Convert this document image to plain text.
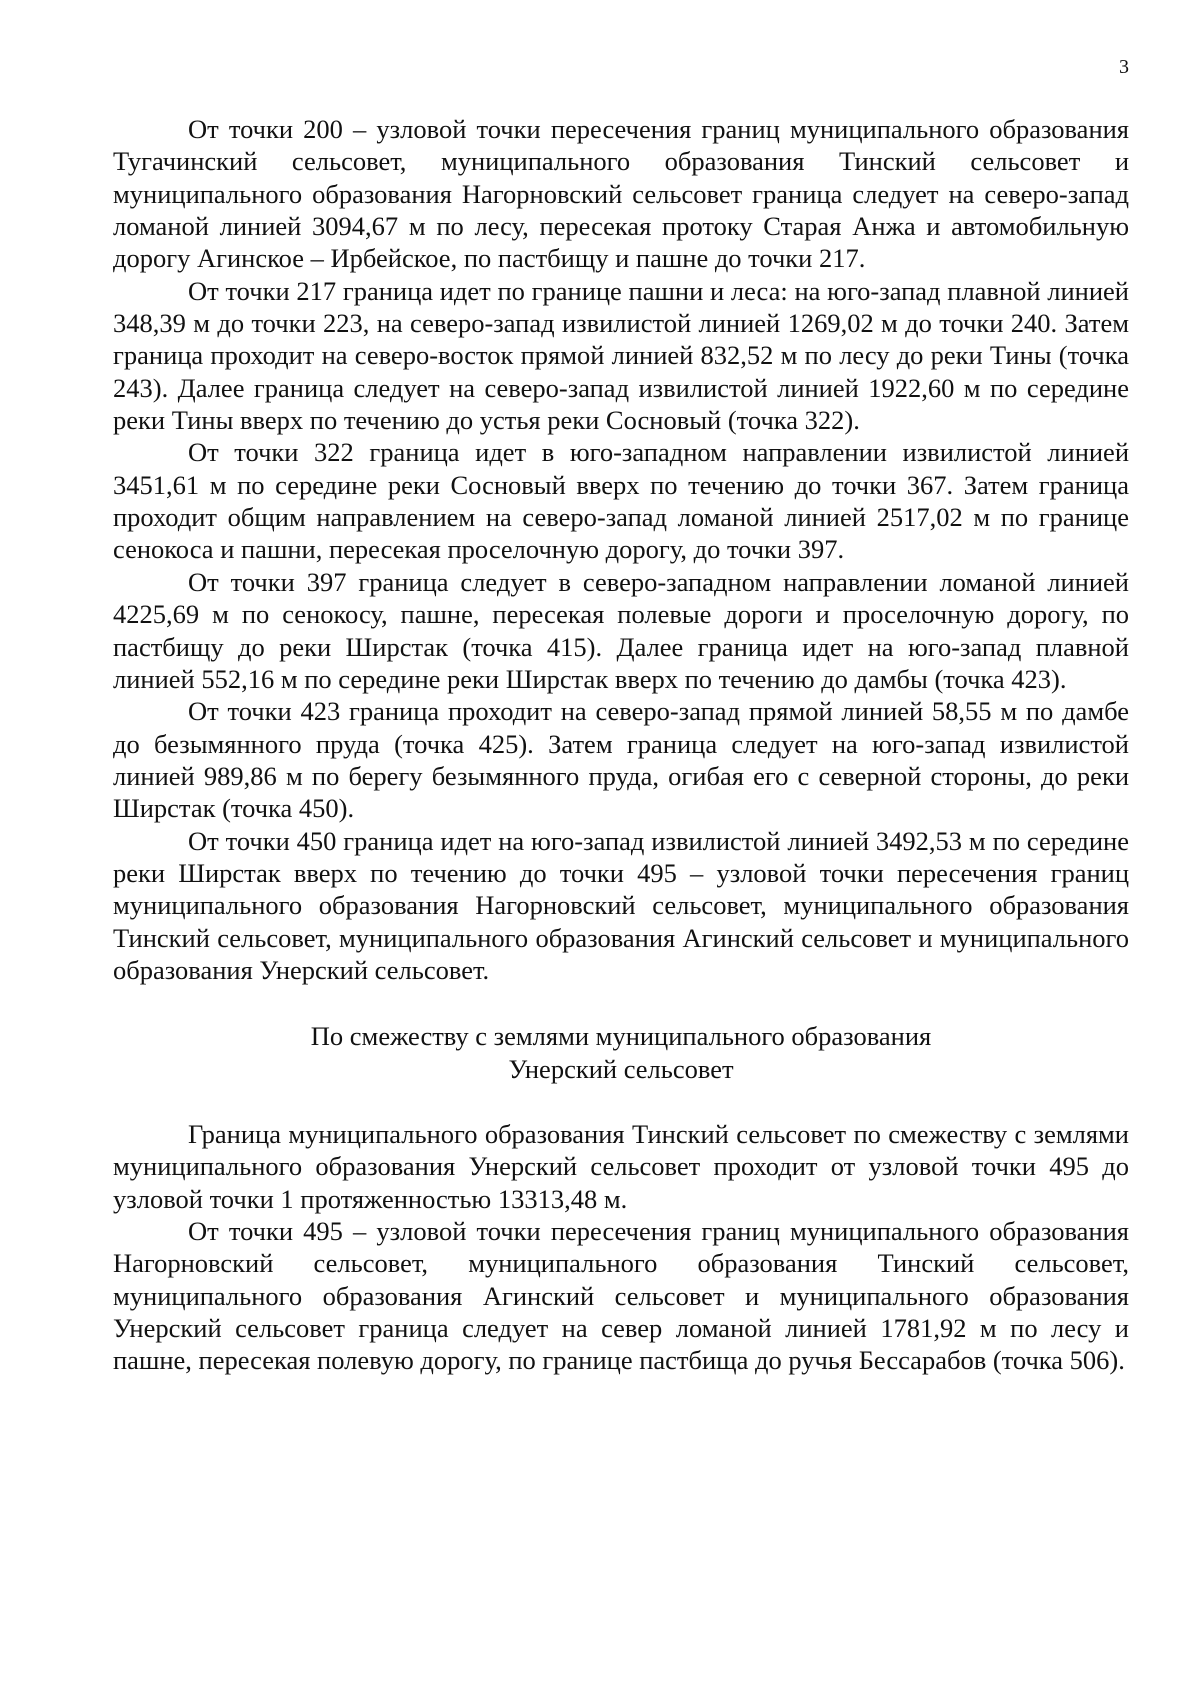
3

От точки 200 – узловой точки пересечения границ муниципального образования Тугачинский сельсовет, муниципального образования Тинский сельсовет и муниципального образования Нагорновский сельсовет граница следует на северо-запад ломаной линией 3094,67 м по лесу, пересекая протоку Старая Анжа и автомобильную дорогу Агинское – Ирбейское, по пастбищу и пашне до точки 217.

От точки 217 граница идет по границе пашни и леса: на юго-запад плавной линией 348,39 м до точки 223, на северо-запад извилистой линией 1269,02 м до точки 240. Затем граница проходит на северо-восток прямой линией 832,52 м по лесу до реки Тины (точка 243). Далее граница следует на северо-запад извилистой линией 1922,60 м по середине реки Тины вверх по течению до устья реки Сосновый (точка 322).

От точки 322 граница идет в юго-западном направлении извилистой линией 3451,61 м по середине реки Сосновый вверх по течению до точки 367. Затем граница проходит общим направлением на северо-запад ломаной линией 2517,02 м по границе сенокоса и пашни, пересекая проселочную дорогу, до точки 397.

От точки 397 граница следует в северо-западном направлении ломаной линией 4225,69 м по сенокосу, пашне, пересекая полевые дороги и проселочную дорогу, по пастбищу до реки Ширстак (точка 415). Далее граница идет на юго-запад плавной линией 552,16 м по середине реки Ширстак вверх по течению до дамбы (точка 423).

От точки 423 граница проходит на северо-запад прямой линией 58,55 м по дамбе до безымянного пруда (точка 425). Затем граница следует на юго-запад извилистой линией 989,86 м по берегу безымянного пруда, огибая его с северной стороны, до реки Ширстак (точка 450).

От точки 450 граница идет на юго-запад извилистой линией 3492,53 м по середине реки Ширстак вверх по течению до точки 495 – узловой точки пересечения границ муниципального образования Нагорновский сельсовет, муниципального образования Тинский сельсовет, муниципального образования Агинский сельсовет и муниципального образования Унерский сельсовет.

По смежеству с землями муниципального образования
Унерский сельсовет

Граница муниципального образования Тинский сельсовет по смежеству с землями муниципального образования Унерский сельсовет проходит от узловой точки 495 до узловой точки 1 протяженностью 13313,48 м.

От точки 495 – узловой точки пересечения границ муниципального образования Нагорновский сельсовет, муниципального образования Тинский сельсовет, муниципального образования Агинский сельсовет и муниципального образования Унерский сельсовет граница следует на север ломаной линией 1781,92 м по лесу и пашне, пересекая полевую дорогу, по границе пастбища до ручья Бессарабов (точка 506).
